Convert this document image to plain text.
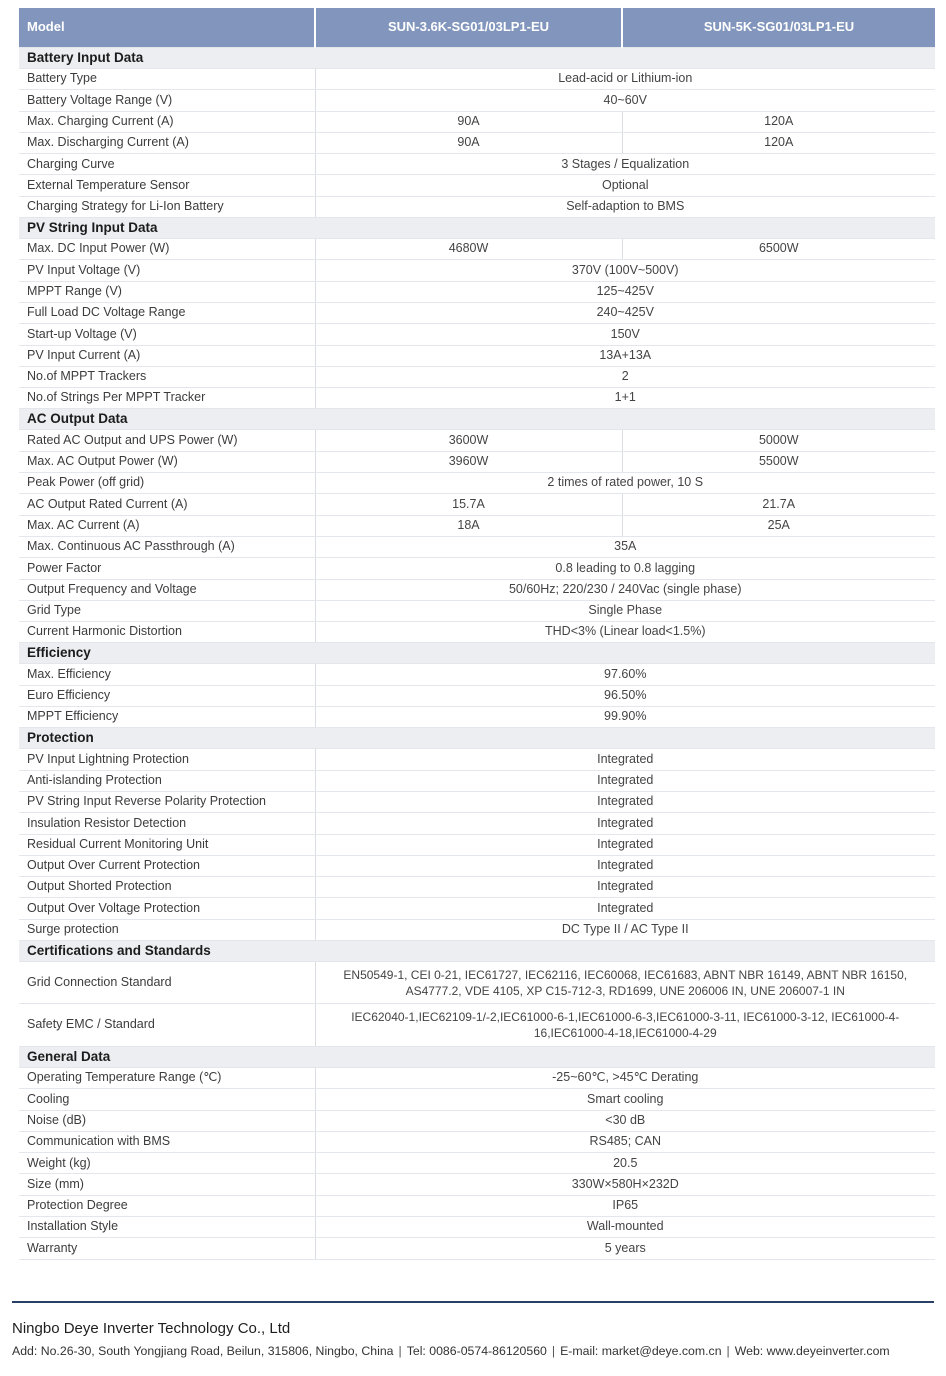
Model	SUN-3.6K-SG01/03LP1-EU	SUN-5K-SG01/03LP1-EU
Battery Input Data		
Battery Type	Lead-acid or Lithium-ion	
Battery Voltage Range (V)	40~60V	
Max. Charging Current (A)	90A	120A
Max. Discharging Current (A)	90A	120A
Charging Curve	3 Stages / Equalization	
External Temperature Sensor	Optional	
Charging Strategy for Li-Ion Battery	Self-adaption to BMS	
PV String Input Data		
Max. DC Input Power (W)	4680W	6500W
PV Input Voltage (V)	370V (100V~500V)	
MPPT Range (V)	125~425V	
Full Load DC Voltage Range	240~425V	
Start-up Voltage (V)	150V	
PV Input Current (A)	13A+13A	
No.of MPPT Trackers	2	
No.of Strings Per MPPT Tracker	1+1	
AC Output Data		
Rated AC Output and UPS Power (W)	3600W	5000W
Max. AC Output Power (W)	3960W	5500W
Peak Power (off grid)	2 times of rated power, 10 S	
AC Output Rated Current (A)	15.7A	21.7A
Max. AC Current (A)	18A	25A
Max. Continuous AC Passthrough (A)	35A	
Power Factor	0.8 leading to 0.8 lagging	
Output Frequency and Voltage	50/60Hz; 220/230 / 240Vac (single phase)	
Grid Type	Single Phase	
Current Harmonic Distortion	THD<3% (Linear load<1.5%)	
Efficiency		
Max. Efficiency	97.60%	
Euro Efficiency	96.50%	
MPPT Efficiency	99.90%	
Protection		
PV Input Lightning Protection	Integrated	
Anti-islanding Protection	Integrated	
PV String Input Reverse Polarity Protection	Integrated	
Insulation Resistor Detection	Integrated	
Residual Current Monitoring Unit	Integrated	
Output Over Current Protection	Integrated	
Output Shorted Protection	Integrated	
Output Over Voltage Protection	Integrated	
Surge protection	DC Type II / AC Type II	
Certifications and Standards		
Grid Connection Standard	EN50549-1, CEI 0-21, IEC61727, IEC62116, IEC60068, IEC61683, ABNT NBR 16149, ABNT NBR 16150, AS4777.2, VDE 4105, XP C15-712-3, RD1699, UNE 206006 IN, UNE 206007-1 IN	
Safety EMC / Standard	IEC62040-1,IEC62109-1/-2,IEC61000-6-1,IEC61000-6-3,IEC61000-3-11, IEC61000-3-12, IEC61000-4-16,IEC61000-4-18,IEC61000-4-29	
General Data		
Operating Temperature Range (℃)	-25~60℃, >45℃ Derating	
Cooling	Smart cooling	
Noise (dB)	<30 dB	
Communication with BMS	RS485; CAN	
Weight (kg)	20.5	
Size (mm)	330W×580H×232D	
Protection Degree	IP65	
Installation Style	Wall-mounted	
Warranty	5 years	
Ningbo Deye Inverter Technology Co., Ltd
Add: No.26-30, South Yongjiang Road, Beilun, 315806, Ningbo, China | Tel: 0086-0574-86120560 | E-mail: market@deye.com.cn | Web: www.deyeinverter.com
